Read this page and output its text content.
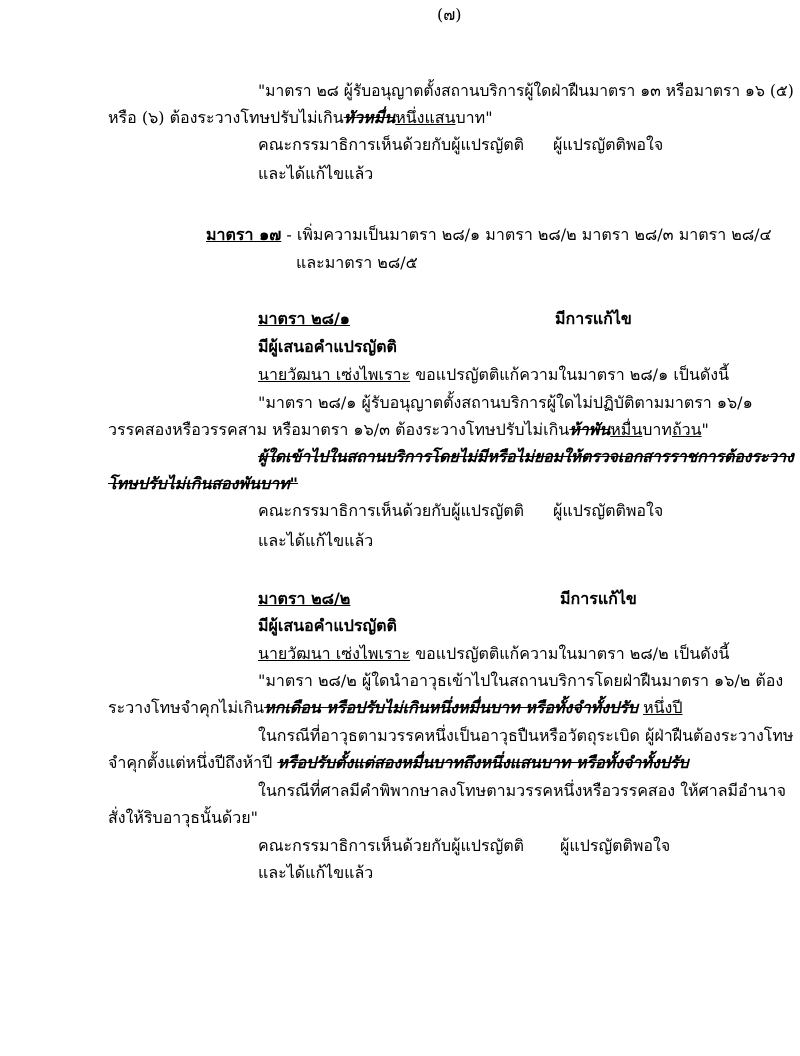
(๗)
"มาตรา ๒๘ ผู้รับอนุญาตตั้งสถานบริการผู้ใดฝ่าฝืนมาตรา ๑๓ หรือมาตรา ๑๖ (๕)
หรือ (๖) ต้องระวางโทษปรับไม่เกินหัวหมื่นหนึ่งแสนบาท"
คณะกรรมาธิการเห็นด้วยกับผู้แปรญัตติ ผู้แปรญัตติพอใจ
และได้แก้ไขแล้ว
มาตรา ๑๗ - เพิ่มความเป็นมาตรา ๒๘/๑ มาตรา ๒๘/๒ มาตรา ๒๘/๓ มาตรา ๒๘/๔
และมาตรา ๒๘/๕
มาตรา ๒๘/๑	มีการแก้ไข
มีผู้เสนอคำแปรญัตติ
นายวัฒนา เซ่งไพเราะ ขอแปรญัตติแก้ความในมาตรา ๒๘/๑ เป็นดังนี้
"มาตรา ๒๘/๑ ผู้รับอนุญาตตั้งสถานบริการผู้ใดไม่ปฏิบัติตามมาตรา ๑๖/๑
วรรคสองหรือวรรคสาม หรือมาตรา ๑๖/๓ ต้องระวางโทษปรับไม่เกินห้าพันหมื่นบาทถ้วน"
ผู้ใดเข้าไปในสถานบริการโดยไม่มีหรือไม่ยอมให้ตรวจเอกสารราชการต้องระวาง
โทษปรับไม่เกินสองพันบาท"
คณะกรรมาธิการเห็นด้วยกับผู้แปรญัตติ ผู้แปรญัตติพอใจ
และได้แก้ไขแล้ว
มาตรา ๒๘/๒	มีการแก้ไข
มีผู้เสนอคำแปรญัตติ
นายวัฒนา เซ่งไพเราะ ขอแปรญัตติแก้ความในมาตรา ๒๘/๒ เป็นดังนี้
"มาตรา ๒๘/๒ ผู้ใดนำอาวุธเข้าไปในสถานบริการโดยฝ่าฝืนมาตรา ๑๖/๒ ต้อง
ระวางโทษจำคุกไม่เกินหกเดือน หรือปรับไม่เกินหนึ่งหมื่นบาท หรือทั้งจำทั้งปรับ หนึ่งปี
ในกรณีที่อาวุธตามวรรคหนึ่งเป็นอาวุธปืนหรือวัตถุระเบิด ผู้ฝ่าฝืนต้องระวางโทษ
จำคุกตั้งแต่หนึ่งปีถึงห้าปี หรือปรับตั้งแต่สองหมื่นบาทถึงหนึ่งแสนบาท หรือทั้งจำทั้งปรับ
ในกรณีที่ศาลมีคำพิพากษาลงโทษตามวรรคหนึ่งหรือวรรคสอง ให้ศาลมีอำนาจ
สั่งให้ริบอาวุธนั้นด้วย"
คณะกรรมาธิการเห็นด้วยกับผู้แปรญัตติ ผู้แปรญัตติพอใจ
และได้แก้ไขแล้ว
